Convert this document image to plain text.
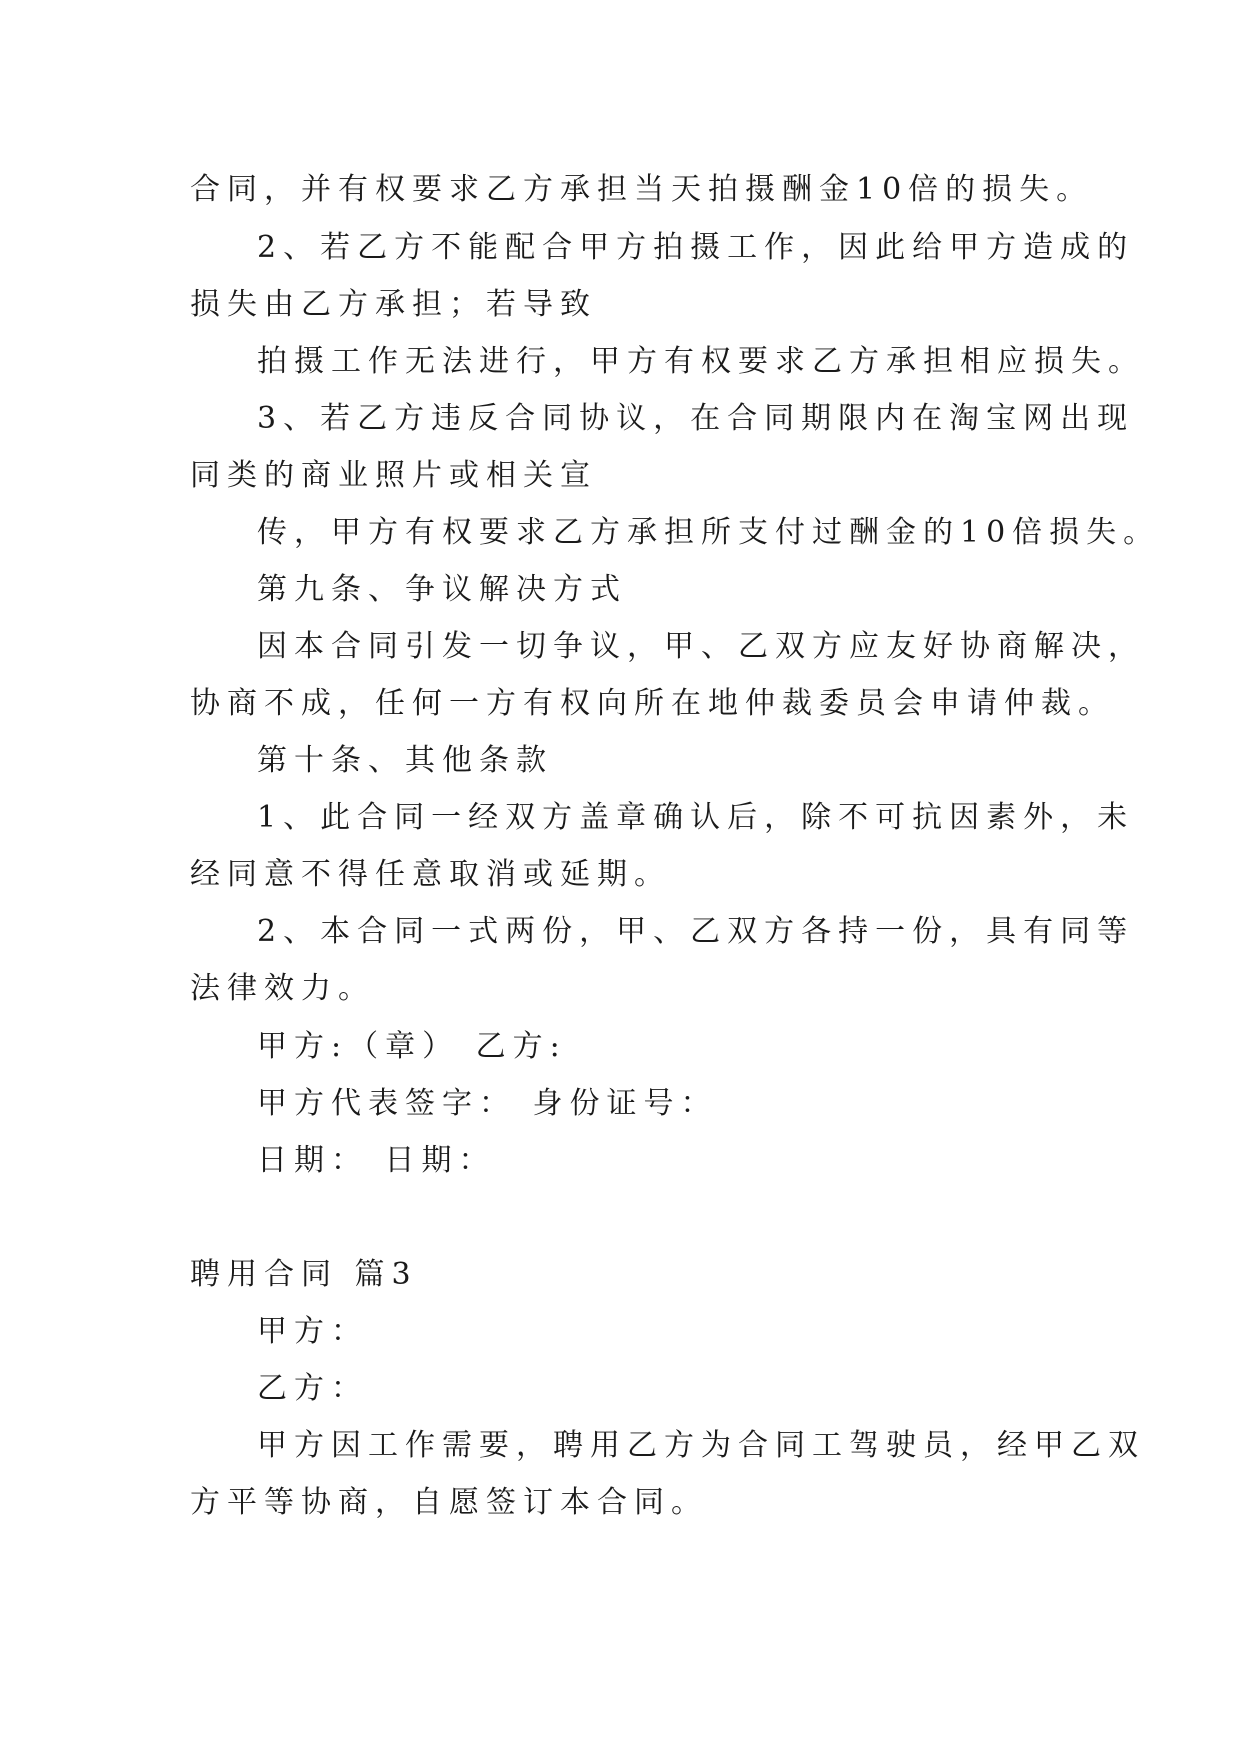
合同，并有权要求乙方承担当天拍摄酬金10倍的损失。

2、若乙方不能配合甲方拍摄工作，因此给甲方造成的

损失由乙方承担；若导致

拍摄工作无法进行，甲方有权要求乙方承担相应损失。

3、若乙方违反合同协议，在合同期限内在淘宝网出现

同类的商业照片或相关宣

传，甲方有权要求乙方承担所支付过酬金的10倍损失。

第九条、争议解决方式

因本合同引发一切争议，甲、乙双方应友好协商解决，

协商不成，任何一方有权向所在地仲裁委员会申请仲裁。

第十条、其他条款

1、此合同一经双方盖章确认后，除不可抗因素外，未

经同意不得任意取消或延期。

2、本合同一式两份，甲、乙双方各持一份，具有同等

法律效力。

甲方:（章） 乙方:

甲方代表签字： 身份证号：

日期： 日期：

聘用合同 篇3

甲方：

乙方：

甲方因工作需要，聘用乙方为合同工驾驶员，经甲乙双

方平等协商，自愿签订本合同。
